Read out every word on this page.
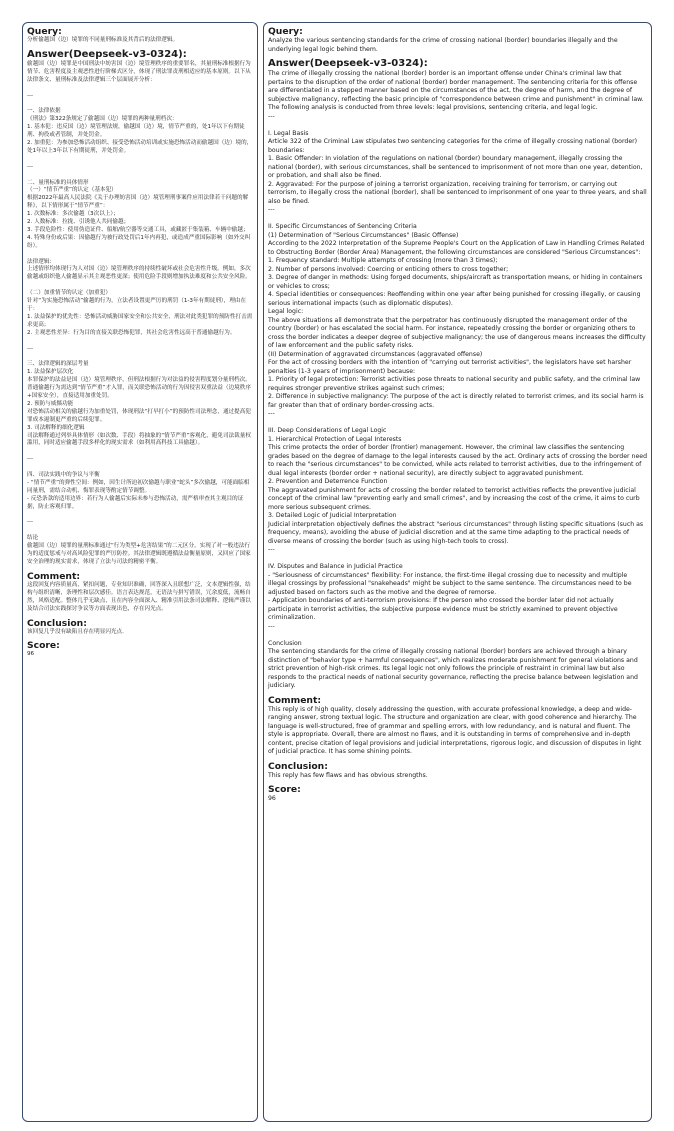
Query:

分析偷越国（边）境罪的不同量刑标准及其背后的法律逻辑。

Answer(Deepseek-v3-0324):

偷越国（边）境罪是中国刑法中妨害国（边）境管理秩序的重要罪名，其量刑标准根据行为情节、危害程度及主观恶性进行阶梯式区分，体现了刑法罪责刑相适应的基本原则。以下从法律条文、量刑标准及法律逻辑三个层面展开分析：

---

一、法律依据
《刑法》第322条规定了偷越国（边）境罪的两种量刑档次：
1. 基本犯：违反国（边）境管理法规，偷越国（边）境，情节严重的，处1年以下有期徒刑、拘役或者管制，并处罚金。
2. 加重犯：为参加恐怖活动组织、接受恐怖活动培训或实施恐怖活动而偷越国（边）境的，处1年以上3年以下有期徒刑，并处罚金。

---

二、量刑标准的具体情形
（一）“情节严重”的认定（基本犯）
根据2022年最高人民法院《关于办理妨害国（边）境管理刑事案件应用法律若干问题的解释》，以下情形属于“情节严重”：
1. 次数标准：多次偷越（3次以上）；
2. 人数标准：拉拢、引诱他人共同偷越；
3. 手段危险性：使用伪造证件、船舶/航空器等交通工具，或藏匿于集装箱、车辆中偷越；
4. 特殊身份或后果：因偷越行为被行政处罚后1年内再犯，或造成严重国际影响（如外交纠纷）。

法律逻辑：
上述情形均体现行为人对国（边）境管理秩序的持续性破坏或社会危害性升级。例如，多次偷越或组织他人偷越显示其主观恶性更深；使用危险手段则增加执法难度和公共安全风险。

（二）加重情节的认定（加重犯）
针对“为实施恐怖活动”偷越的行为，立法者设置更严厉的刑罚（1-3年有期徒刑），理由在于：
1. 法益保护的优先性：恐怖活动威胁国家安全和公共安全，刑法对此类犯罪的预防性打击需求更高；
2. 主观恶性差异：行为目的直接关联恐怖犯罪，其社会危害性远高于普通偷越行为。

---

三、法律逻辑的深层考量
1. 法益保护层次化
本罪保护的法益是国（边）境管理秩序，但刑法根据行为对法益的侵害程度划分量刑档次。普通偷越行为需达到“情节严重”才入罪，而关联恐怖活动的行为因侵害双重法益（边境秩序+国家安全），直接适用加重处罚。
2. 预防与威慑功能
对恐怖活动相关的偷越行为加重处罚，体现刑法“打早打小”的预防性司法理念，通过提高犯罪成本遏制更严重的后续犯罪。
3. 司法解释的细化逻辑
司法解释通过列举具体情形（如次数、手段）将抽象的“情节严重”客观化，避免司法裁量权滥用，同时适应偷越手段多样化的现实需求（如利用高科技工具偷越）。

---

四、司法实践中的争议与平衡
- “情节严重”的弹性空间：例如，因生计所迫初次偷越与职业“蛇头”多次偷越，可能面临相同量刑，需结合动机、悔罪表现等酌定情节调整。
- 反恐条款的适用边界：若行为人偷越后实际未参与恐怖活动，需严格审查其主观目的证据，防止客观归罪。

---

结论
偷越国（边）境罪的量刑标准通过“行为类型+危害结果”的二元区分，实现了对一般违法行为的适度惩戒与对高风险犯罪的严厉防控。其法律逻辑既遵循法益衡量原则，又回应了国家安全治理的现实需求，体现了立法与司法的精密平衡。

Comment:

这段回复内容质量高，紧扣问题，专业知识准确，回答深入且联想广泛，文本逻辑性强，结构与组织清晰，条理性和层次感佳。语言表达规范，无语法与拼写错误，冗余度低，流畅自然，风格适配。整体几乎无缺点，且在内容全面深入、精准引用法条司法解释、逻辑严谨以及结合司法实践探讨争议等方面表现出色，存在闪光点。

Conclusion:

该回复几乎没有缺陷且存在明显闪光点.

Score:

96

Query:

Analyze the various sentencing standards for the crime of crossing national (border) boundaries illegally and the underlying legal logic behind them.

Answer(Deepseek-v3-0324):

The crime of illegally crossing the national (border) border is an important offense under China's criminal law that pertains to the disruption of the order of national (border) border management. The sentencing criteria for this offense are differentiated in a stepped manner based on the circumstances of the act, the degree of harm, and the degree of subjective malignancy, reflecting the basic principle of "correspondence between crime and punishment" in criminal law. The following analysis is conducted from three levels: legal provisions, sentencing criteria, and legal logic.
---

I. Legal Basis
Article 322 of the Criminal Law stipulates two sentencing categories for the crime of illegally crossing national (border) boundaries:
1. Basic Offender: In violation of the regulations on national (border) boundary management, illegally crossing the national (border), with serious circumstances, shall be sentenced to imprisonment of not more than one year, detention, or probation, and shall also be fined.
2. Aggravated: For the purpose of joining a terrorist organization, receiving training for terrorism, or carrying out terrorism, to illegally cross the national (border), shall be sentenced to imprisonment of one year to three years, and shall also be fined.
---

II. Specific Circumstances of Sentencing Criteria
(1) Determination of "Serious Circumstances" (Basic Offense)
According to the 2022 Interpretation of the Supreme People's Court on the Application of Law in Handling Crimes Related to Obstructing Border (Border Area) Management, the following circumstances are considered "Serious Circumstances":
1. Frequency standard: Multiple attempts of crossing (more than 3 times);
2. Number of persons involved: Coercing or enticing others to cross together;
3. Degree of danger in methods: Using forged documents, ships/aircraft as transportation means, or hiding in containers or vehicles to cross;
4. Special identities or consequences: Reoffending within one year after being punished for crossing illegally, or causing serious international impacts (such as diplomatic disputes).
Legal logic:
The above situations all demonstrate that the perpetrator has continuously disrupted the management order of the country (border) or has escalated the social harm. For instance, repeatedly crossing the border or organizing others to cross the border indicates a deeper degree of subjective malignancy; the use of dangerous means increases the difficulty of law enforcement and the public safety risks.
(II) Determination of aggravated circumstances (aggravated offense)
For the act of crossing borders with the intention of "carrying out terrorist activities", the legislators have set harsher penalties (1-3 years of imprisonment) because:
1. Priority of legal protection: Terrorist activities pose threats to national security and public safety, and the criminal law requires stronger preventive strikes against such crimes;
2. Difference in subjective malignancy: The purpose of the act is directly related to terrorist crimes, and its social harm is far greater than that of ordinary border-crossing acts.
---

III. Deep Considerations of Legal Logic
1. Hierarchical Protection of Legal Interests
This crime protects the order of border (frontier) management. However, the criminal law classifies the sentencing grades based on the degree of damage to the legal interests caused by the act. Ordinary acts of crossing the border need to reach the "serious circumstances" to be convicted, while acts related to terrorist activities, due to the infringement of dual legal interests (border order + national security), are directly subject to aggravated punishment.
2. Prevention and Deterrence Function
The aggravated punishment for acts of crossing the border related to terrorist activities reflects the preventive judicial concept of the criminal law "preventing early and small crimes", and by increasing the cost of the crime, it aims to curb more serious subsequent crimes.
3. Detailed Logic of Judicial Interpretation
Judicial interpretation objectively defines the abstract "serious circumstances" through listing specific situations (such as frequency, means), avoiding the abuse of judicial discretion and at the same time adapting to the practical needs of diverse means of crossing the border (such as using high-tech tools to cross).
---

IV. Disputes and Balance in Judicial Practice
- "Seriousness of circumstances" flexibility: For instance, the first-time illegal crossing due to necessity and multiple illegal crossings by professional "snakeheads" might be subject to the same sentence. The circumstances need to be adjusted based on factors such as the motive and the degree of remorse.
- Application boundaries of anti-terrorism provisions: If the person who crossed the border later did not actually participate in terrorist activities, the subjective purpose evidence must be strictly examined to prevent objective criminalization.
---

Conclusion
The sentencing standards for the crime of illegally crossing national (border) borders are achieved through a binary distinction of "behavior type + harmful consequences", which realizes moderate punishment for general violations and strict prevention of high-risk crimes. Its legal logic not only follows the principle of restraint in criminal law but also responds to the practical needs of national security governance, reflecting the precise balance between legislation and judiciary.

Comment:

This reply is of high quality, closely addressing the question, with accurate professional knowledge, a deep and wide-ranging answer, strong textual logic. The structure and organization are clear, with good coherence and hierarchy. The language is well-structured, free of grammar and spelling errors, with low redundancy, and is natural and fluent. The style is appropriate. Overall, there are almost no flaws, and it is outstanding in terms of comprehensive and in-depth content, precise citation of legal provisions and judicial interpretations, rigorous logic, and discussion of disputes in light of judicial practice. It has some shining points.

Conclusion:

This reply has few flaws and has obvious strengths.

Score:

96
